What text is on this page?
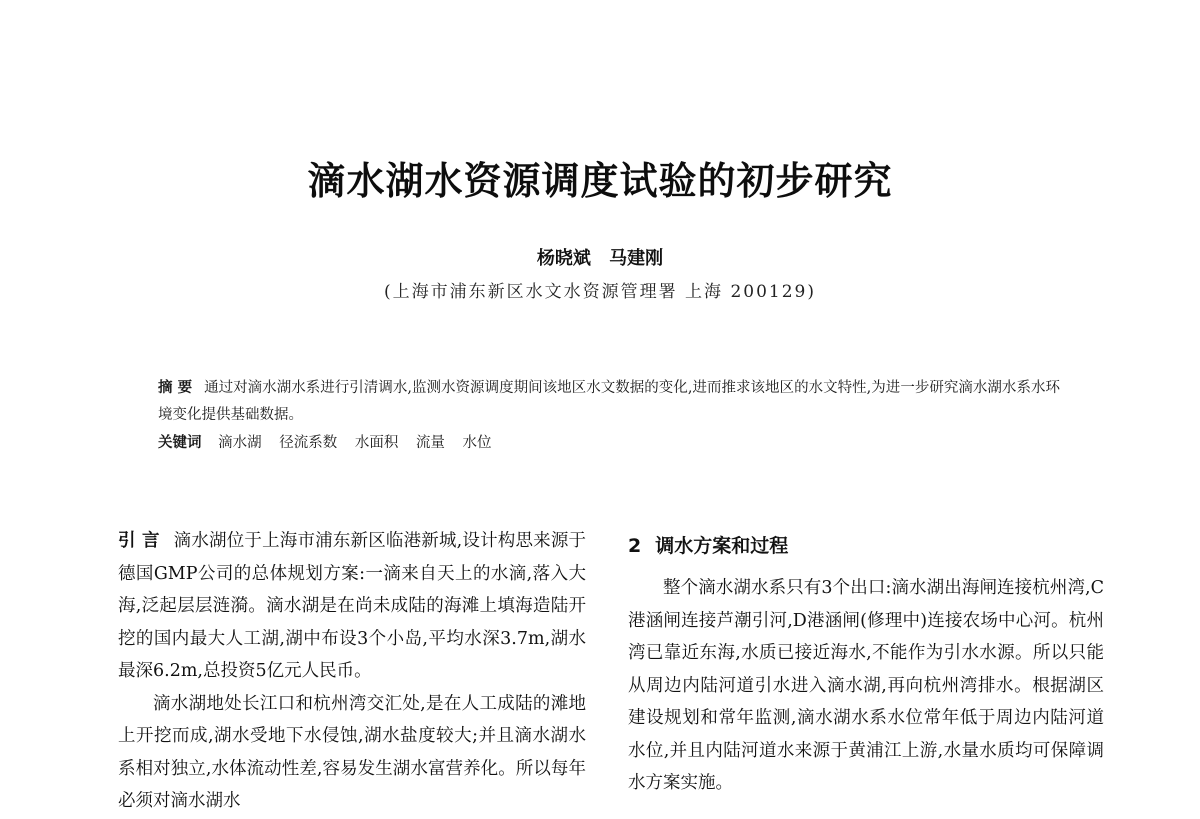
滴水湖水资源调度试验的初步研究
杨晓斌 马建刚
(上海市浦东新区水文水资源管理署 上海 200129)
摘 要 通过对滴水湖水系进行引清调水,监测水资源调度期间该地区水文数据的变化,进而推求该地区的水文特性,为进一步研究滴水湖水系水环境变化提供基础数据。
关键词 滴水湖 径流系数 水面积 流量 水位

引 言 滴水湖位于上海市浦东新区临港新城,设计构思来源于德国GMP公司的总体规划方案:一滴来自天上的水滴,落入大海,泛起层层涟漪。滴水湖是在尚未成陆的海滩上填海造陆开挖的国内最大人工湖,湖中布设3个小岛,平均水深3.7m,湖水最深6.2m,总投资5亿元人民币。

滴水湖地处长江口和杭州湾交汇处,是在人工成陆的滩地上开挖而成,湖水受地下水侵蚀,湖水盐度较大;并且滴水湖水系相对独立,水体流动性差,容易发生湖水富营养化。所以每年必须对滴水湖水

2 调水方案和过程

整个滴水湖水系只有3个出口:滴水湖出海闸连接杭州湾,C港涵闸连接芦潮引河,D港涵闸(修理中)连接农场中心河。杭州湾已靠近东海,水质已接近海水,不能作为引水水源。所以只能从周边内陆河道引水进入滴水湖,再向杭州湾排水。根据湖区建设规划和常年监测,滴水湖水系水位常年低于周边内陆河道水位,并且内陆河道水来源于黄浦江上游,水量水质均可保障调水方案实施。
